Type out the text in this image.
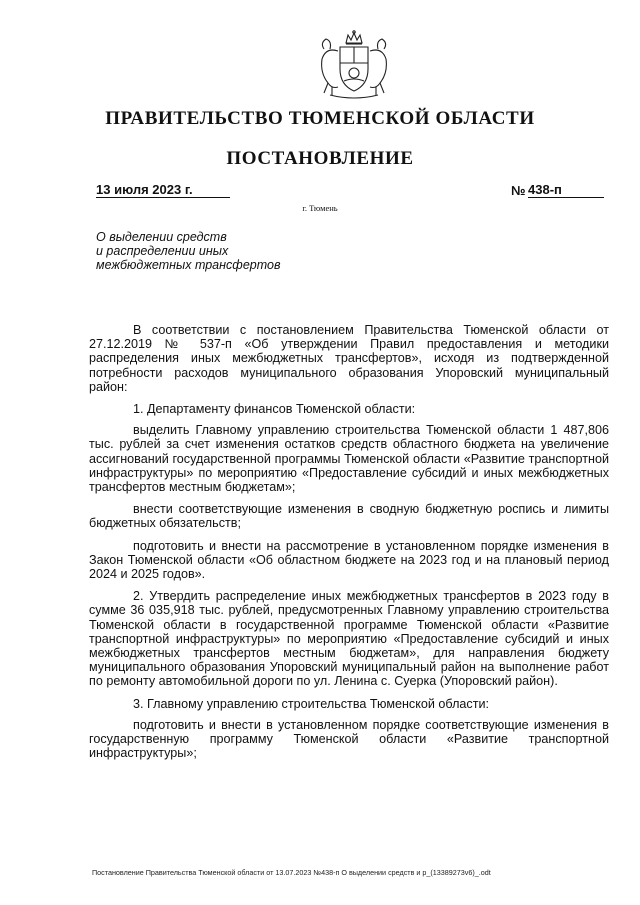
ПРАВИТЕЛЬСТВО ТЮМЕНСКОЙ ОБЛАСТИ
ПОСТАНОВЛЕНИЕ
13 июля 2023 г.	№ 438-п
г. Тюмень
О выделении средств
и распределении иных
межбюджетных трансфертов

В соответствии с постановлением Правительства Тюменской области от 27.12.2019 № 537-п «Об утверждении Правил предоставления и методики распределения иных межбюджетных трансфертов», исходя из подтвержденной потребности расходов муниципального образования Упоровский муниципальный район:

1. Департаменту финансов Тюменской области:

выделить Главному управлению строительства Тюменской области 1 487,806 тыс. рублей за счет изменения остатков средств областного бюджета на увеличение ассигнований государственной программы Тюменской области «Развитие транспортной инфраструктуры» по мероприятию «Предоставление субсидий и иных межбюджетных трансфертов местным бюджетам»;

внести соответствующие изменения в сводную бюджетную роспись и лимиты бюджетных обязательств;

подготовить и внести на рассмотрение в установленном порядке изменения в Закон Тюменской области «Об областном бюджете на 2023 год и на плановый период 2024 и 2025 годов».

2. Утвердить распределение иных межбюджетных трансфертов в 2023 году в сумме 36 035,918 тыс. рублей, предусмотренных Главному управлению строительства Тюменской области в государственной программе Тюменской области «Развитие транспортной инфраструктуры» по мероприятию «Предоставление субсидий и иных межбюджетных трансфертов местным бюджетам», для направления бюджету муниципального образования Упоровский муниципальный район на выполнение работ по ремонту автомобильной дороги по ул. Ленина с. Суерка (Упоровский район).

3. Главному управлению строительства Тюменской области:

подготовить и внести в установленном порядке соответствующие изменения в государственную программу Тюменской области «Развитие транспортной инфраструктуры»;

Постановление Правительства Тюменской области от 13.07.2023 №438-п О выделении средств и р_(13389273v6)_.odt
